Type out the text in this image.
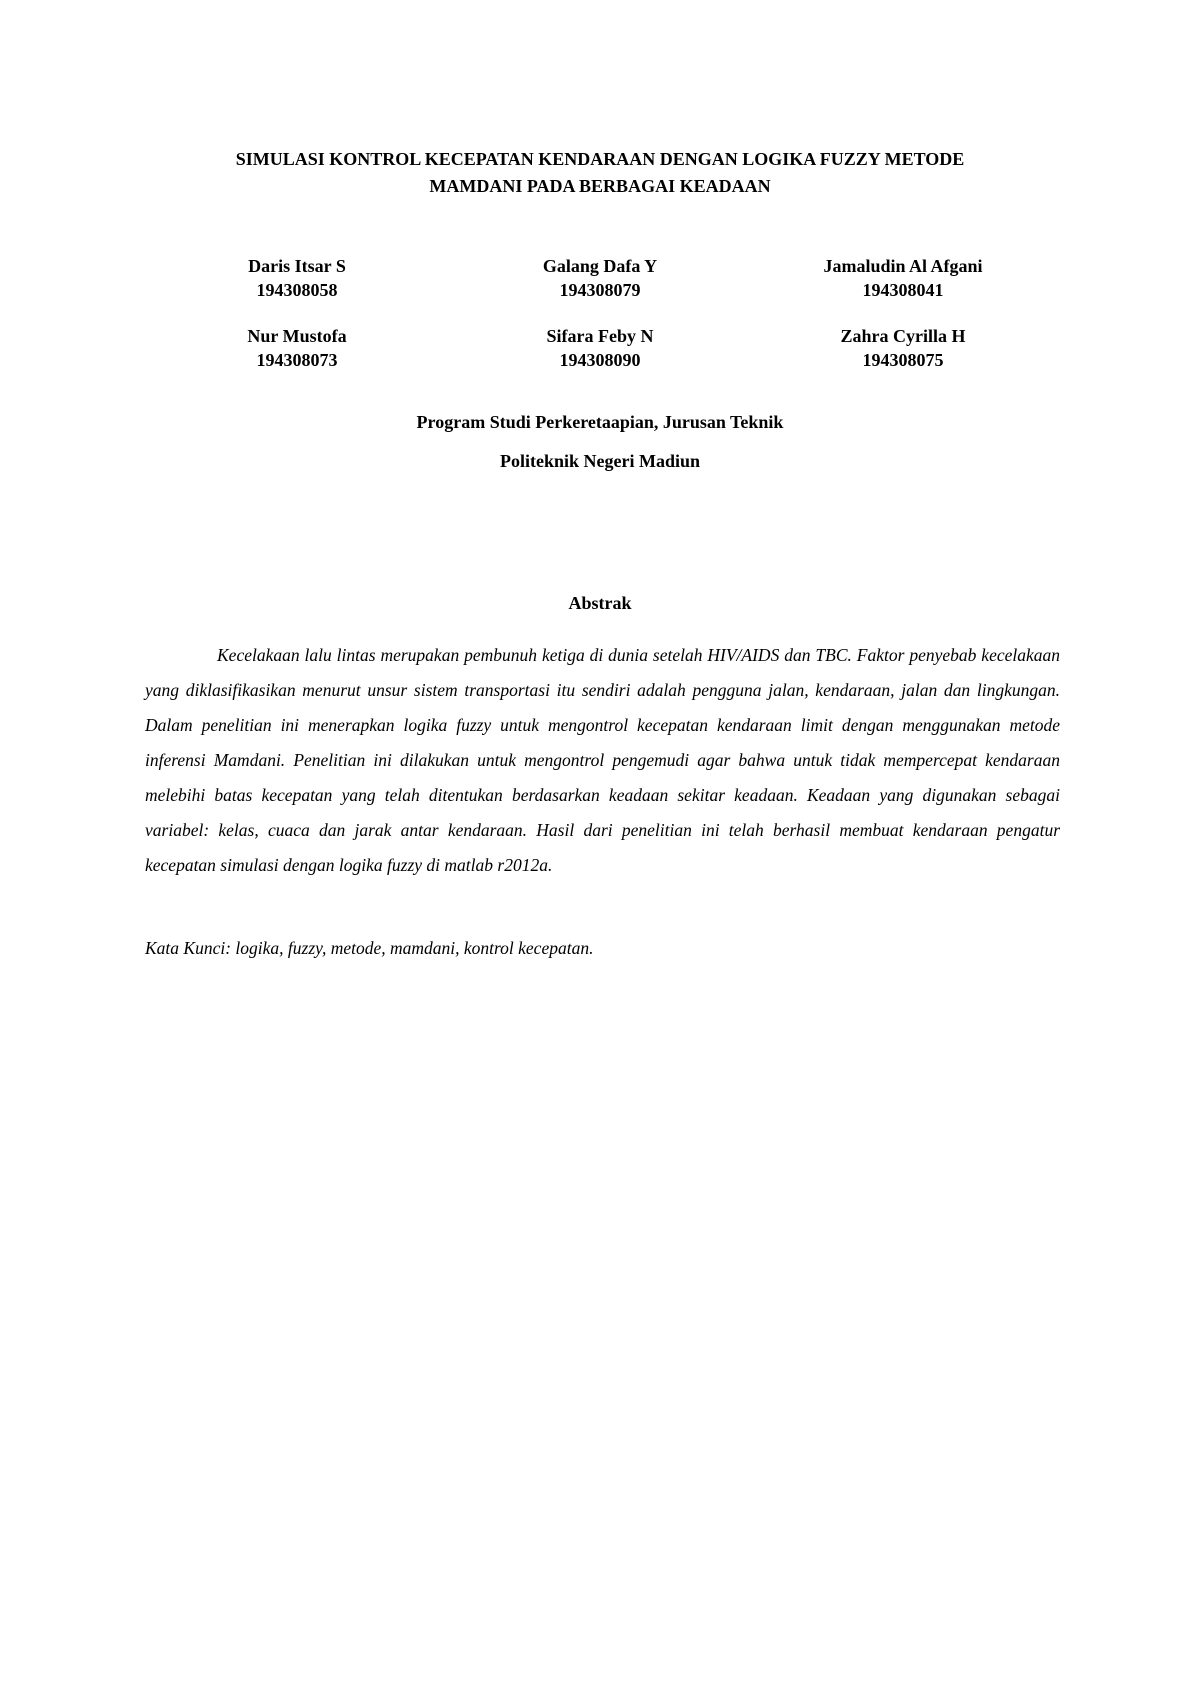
SIMULASI KONTROL KECEPATAN KENDARAAN DENGAN LOGIKA FUZZY METODE
MAMDANI PADA BERBAGAI KEADAAN
Daris Itsar S
194308058
Galang Dafa Y
194308079
Jamaludin Al Afgani
194308041
Nur Mustofa
194308073
Sifara Feby N
194308090
Zahra Cyrilla H
194308075
Program Studi Perkeretaapian, Jurusan Teknik
Politeknik Negeri Madiun
Abstrak

Kecelakaan lalu lintas merupakan pembunuh ketiga di dunia setelah HIV/AIDS dan TBC. Faktor penyebab kecelakaan yang diklasifikasikan menurut unsur sistem transportasi itu sendiri adalah pengguna jalan, kendaraan, jalan dan lingkungan. Dalam penelitian ini menerapkan logika fuzzy untuk mengontrol kecepatan kendaraan limit dengan menggunakan metode inferensi Mamdani. Penelitian ini dilakukan untuk mengontrol pengemudi agar bahwa untuk tidak mempercepat kendaraan melebihi batas kecepatan yang telah ditentukan berdasarkan keadaan sekitar keadaan. Keadaan yang digunakan sebagai variabel: kelas, cuaca dan jarak antar kendaraan. Hasil dari penelitian ini telah berhasil membuat kendaraan pengatur kecepatan simulasi dengan logika fuzzy di matlab r2012a.

Kata Kunci: logika, fuzzy, metode, mamdani, kontrol kecepatan.
